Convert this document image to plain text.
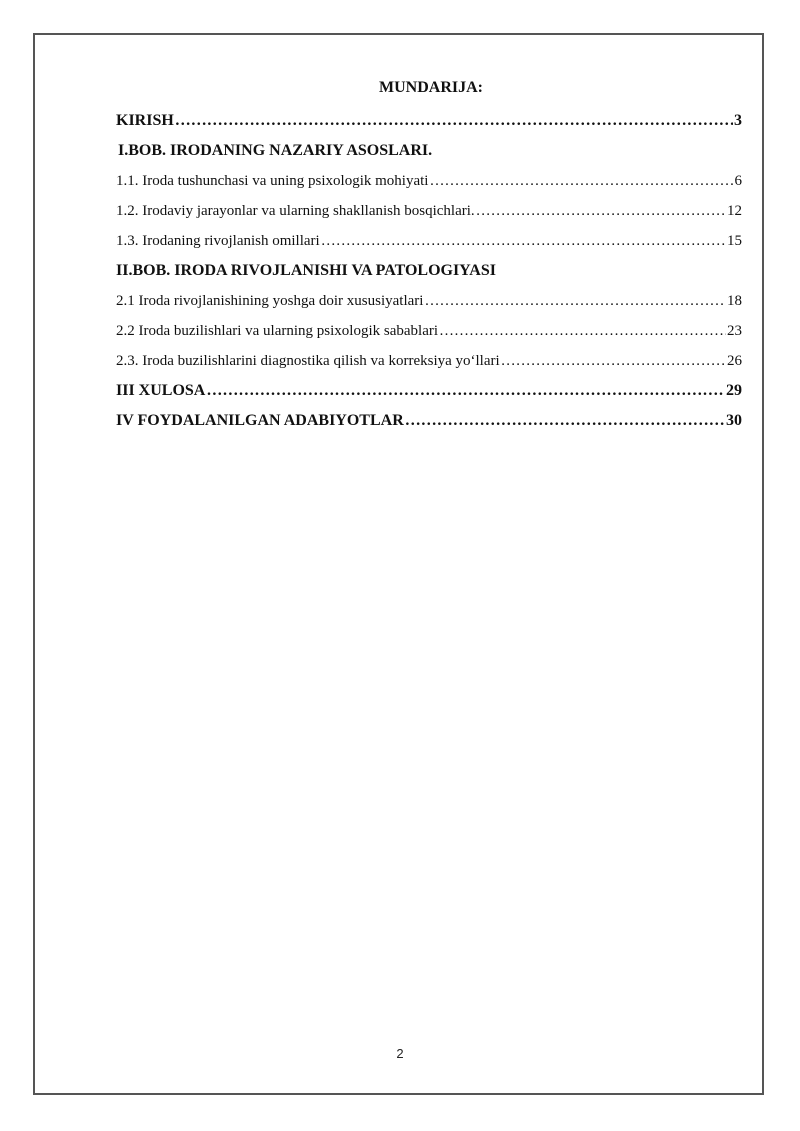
MUNDARIJA:
KIRISH ……………………………………………………………………………………………………………………………………………………………………	3
I.BOB. IRODANING NAZARIY ASOSLARI.
1.1. Iroda tushunchasi va uning psixologik mohiyati ……………………………………………………………………………………………………………………………………………………………………	6
1.2. Irodaviy jarayonlar va ularning shakllanish bosqichlari. ……………………………………………………………………………………………………………………………………………………………………	12
1.3. Irodaning rivojlanish omillari ……………………………………………………………………………………………………………………………………………………………………	15
II.BOB. IRODA RIVOJLANISHI VA PATOLOGIYASI
2.1 Iroda rivojlanishining yoshga doir xususiyatlari ……………………………………………………………………………………………………………………………………………………………………	18
2.2 Iroda buzilishlari va ularning psixologik sabablari ……………………………………………………………………………………………………………………………………………………………………	23
2.3. Iroda buzilishlarini diagnostika qilish va korreksiya yo‘llari ……………………………………………………………………………………………………………………………………………………………………	26
III XULOSA ……………………………………………………………………………………………………………………………………………………………………	29
IV FOYDALANILGAN ADABIYOTLAR ……………………………………………………………………………………………………………………………………………………………………	30
2
